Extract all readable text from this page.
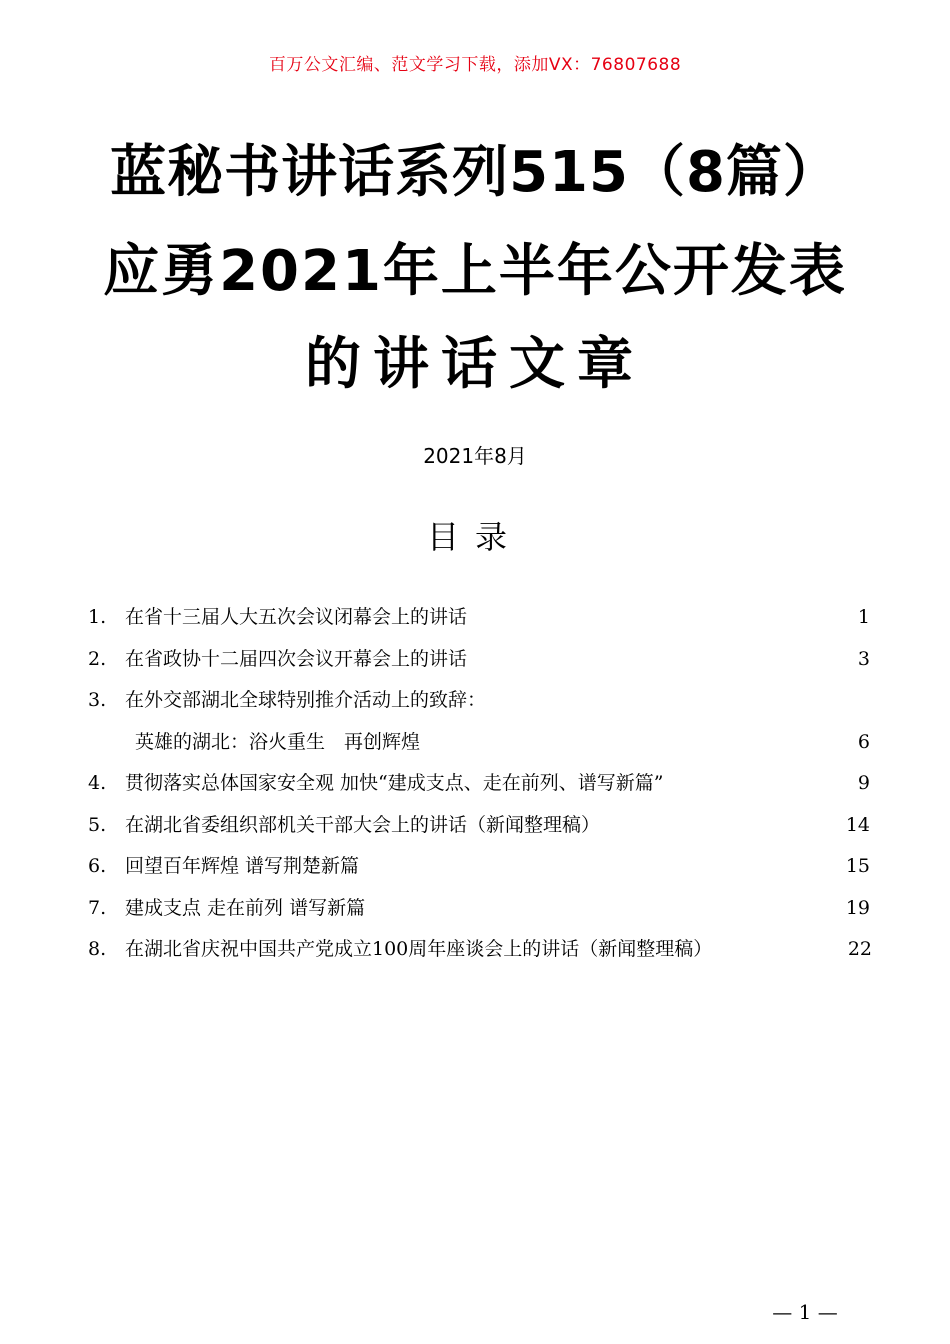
百万公文汇编、范文学习下载，添加VX：76807688
蓝秘书讲话系列515（8篇）
应勇2021年上半年公开发表
的讲话文章
2021年8月
目录
1. 在省十三届人大五次会议闭幕会上的讲话	1
2. 在省政协十二届四次会议开幕会上的讲话	3
3. 在外交部湖北全球特别推介活动上的致辞：
英雄的湖北：浴火重生　再创辉煌	6
4. 贯彻落实总体国家安全观 加快“建成支点、走在前列、谱写新篇”	9
5. 在湖北省委组织部机关干部大会上的讲话（新闻整理稿）	14
6. 回望百年辉煌 谱写荆楚新篇	15
7. 建成支点 走在前列 谱写新篇	19
8. 在湖北省庆祝中国共产党成立100周年座谈会上的讲话（新闻整理稿）	22
— 1 —
